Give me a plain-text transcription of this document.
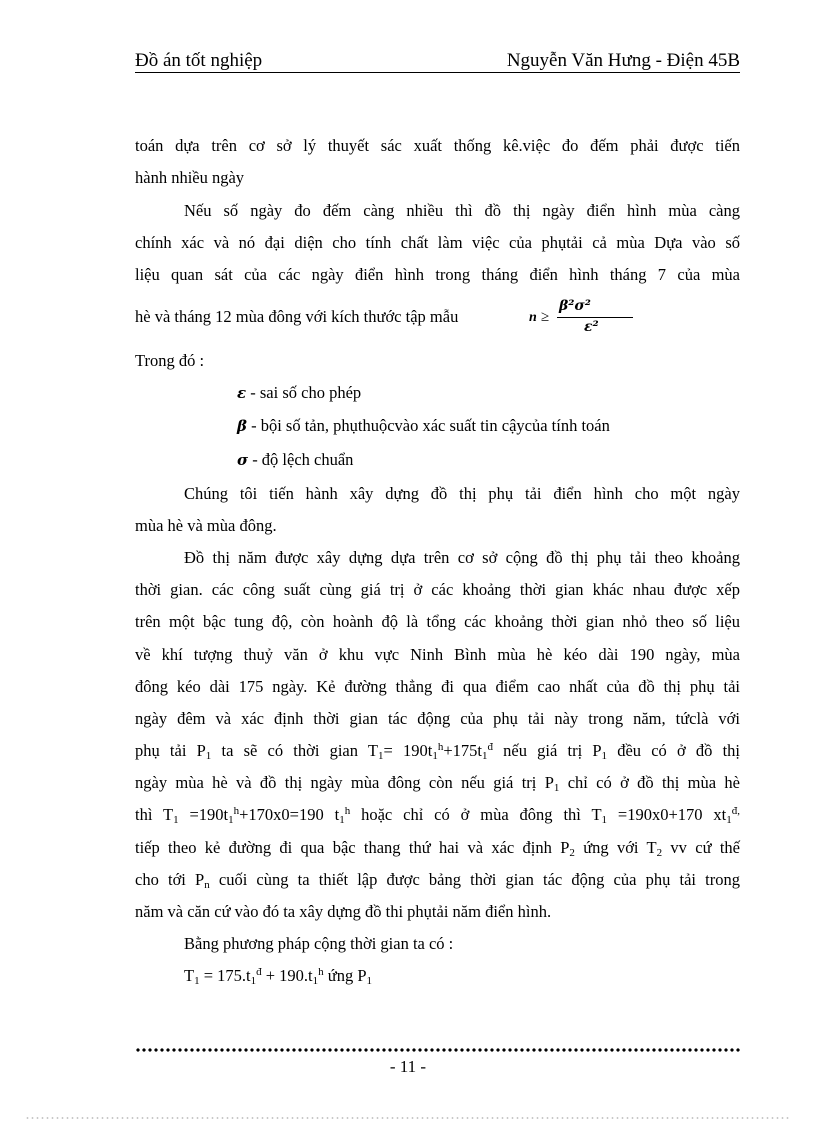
Đồ án tốt nghiệp	Nguyễn Văn Hưng - Điện 45B
toán dựa trên cơ sở lý thuyết sác xuất thống kê.việc đo đếm phải được tiến
hành nhiều ngày
Nếu số ngày đo đếm càng nhiều thì đồ thị ngày điển hình mùa càng
chính xác và nó đại diện cho tính chất làm việc của phụtải cả mùa Dựa vào số
liệu quan sát của các ngày điển hình trong tháng điển hình tháng 7 của mùa
hè và tháng 12 mùa đông với kích thước tập mẫu	n ≥
β²σ²
ε²
Trong đó :
ε - sai số cho phép
β - bội số tản, phụthuộcvào xác suất tin cậycủa tính toán
σ - độ lệch chuẩn
Chúng tôi tiến hành xây dựng đồ thị phụ tải điển hình cho một ngày
mùa hè và mùa đông.
Đồ thị năm được xây dựng dựa trên cơ sở cộng đồ thị phụ tải theo khoảng
thời gian. các công suất cùng giá trị ở các khoảng thời gian khác nhau được xếp
trên một bậc tung độ, còn hoành độ là tổng các khoảng thời gian nhỏ theo số liệu
về khí tượng thuỷ văn ở khu vực Ninh Bình mùa hè kéo dài 190 ngày, mùa
đông kéo dài 175 ngày. Kẻ đường thẳng đi qua điểm cao nhất của đồ thị phụ tải
ngày đêm và xác định thời gian tác động của phụ tải này trong năm, tứclà với
phụ tải $P_1$ ta sẽ có thời gian $T_1= 190t_1^h+175t_1^đ$ nếu giá trị $P_1$ đều có ở đồ thị
ngày mùa hè và đồ thị ngày mùa đông còn nếu giá trị $P_1$ chỉ có ở đồ thị mùa hè
thì $T_1 =190t_1^h+170x0=190$ $t_1^h$ hoặc chỉ có ở mùa đông thì $T_1 =190x0+170$ $xt_1^{đ,}$
tiếp theo kẻ đường đi qua bậc thang thứ hai và xác định $P_2$ ứng với $T_2$ vv cứ thế
cho tới $P_n$ cuối cùng ta thiết lập được bảng thời gian tác động của phụ tải trong
năm và căn cứ vào đó ta xây dựng đồ thi phụtải năm điển hình.
Bằng phương pháp cộng thời gian ta có :
$T_1 = 175.t_1^đ + 190.t_1^h$ ứng $P_1$
- 11 -
